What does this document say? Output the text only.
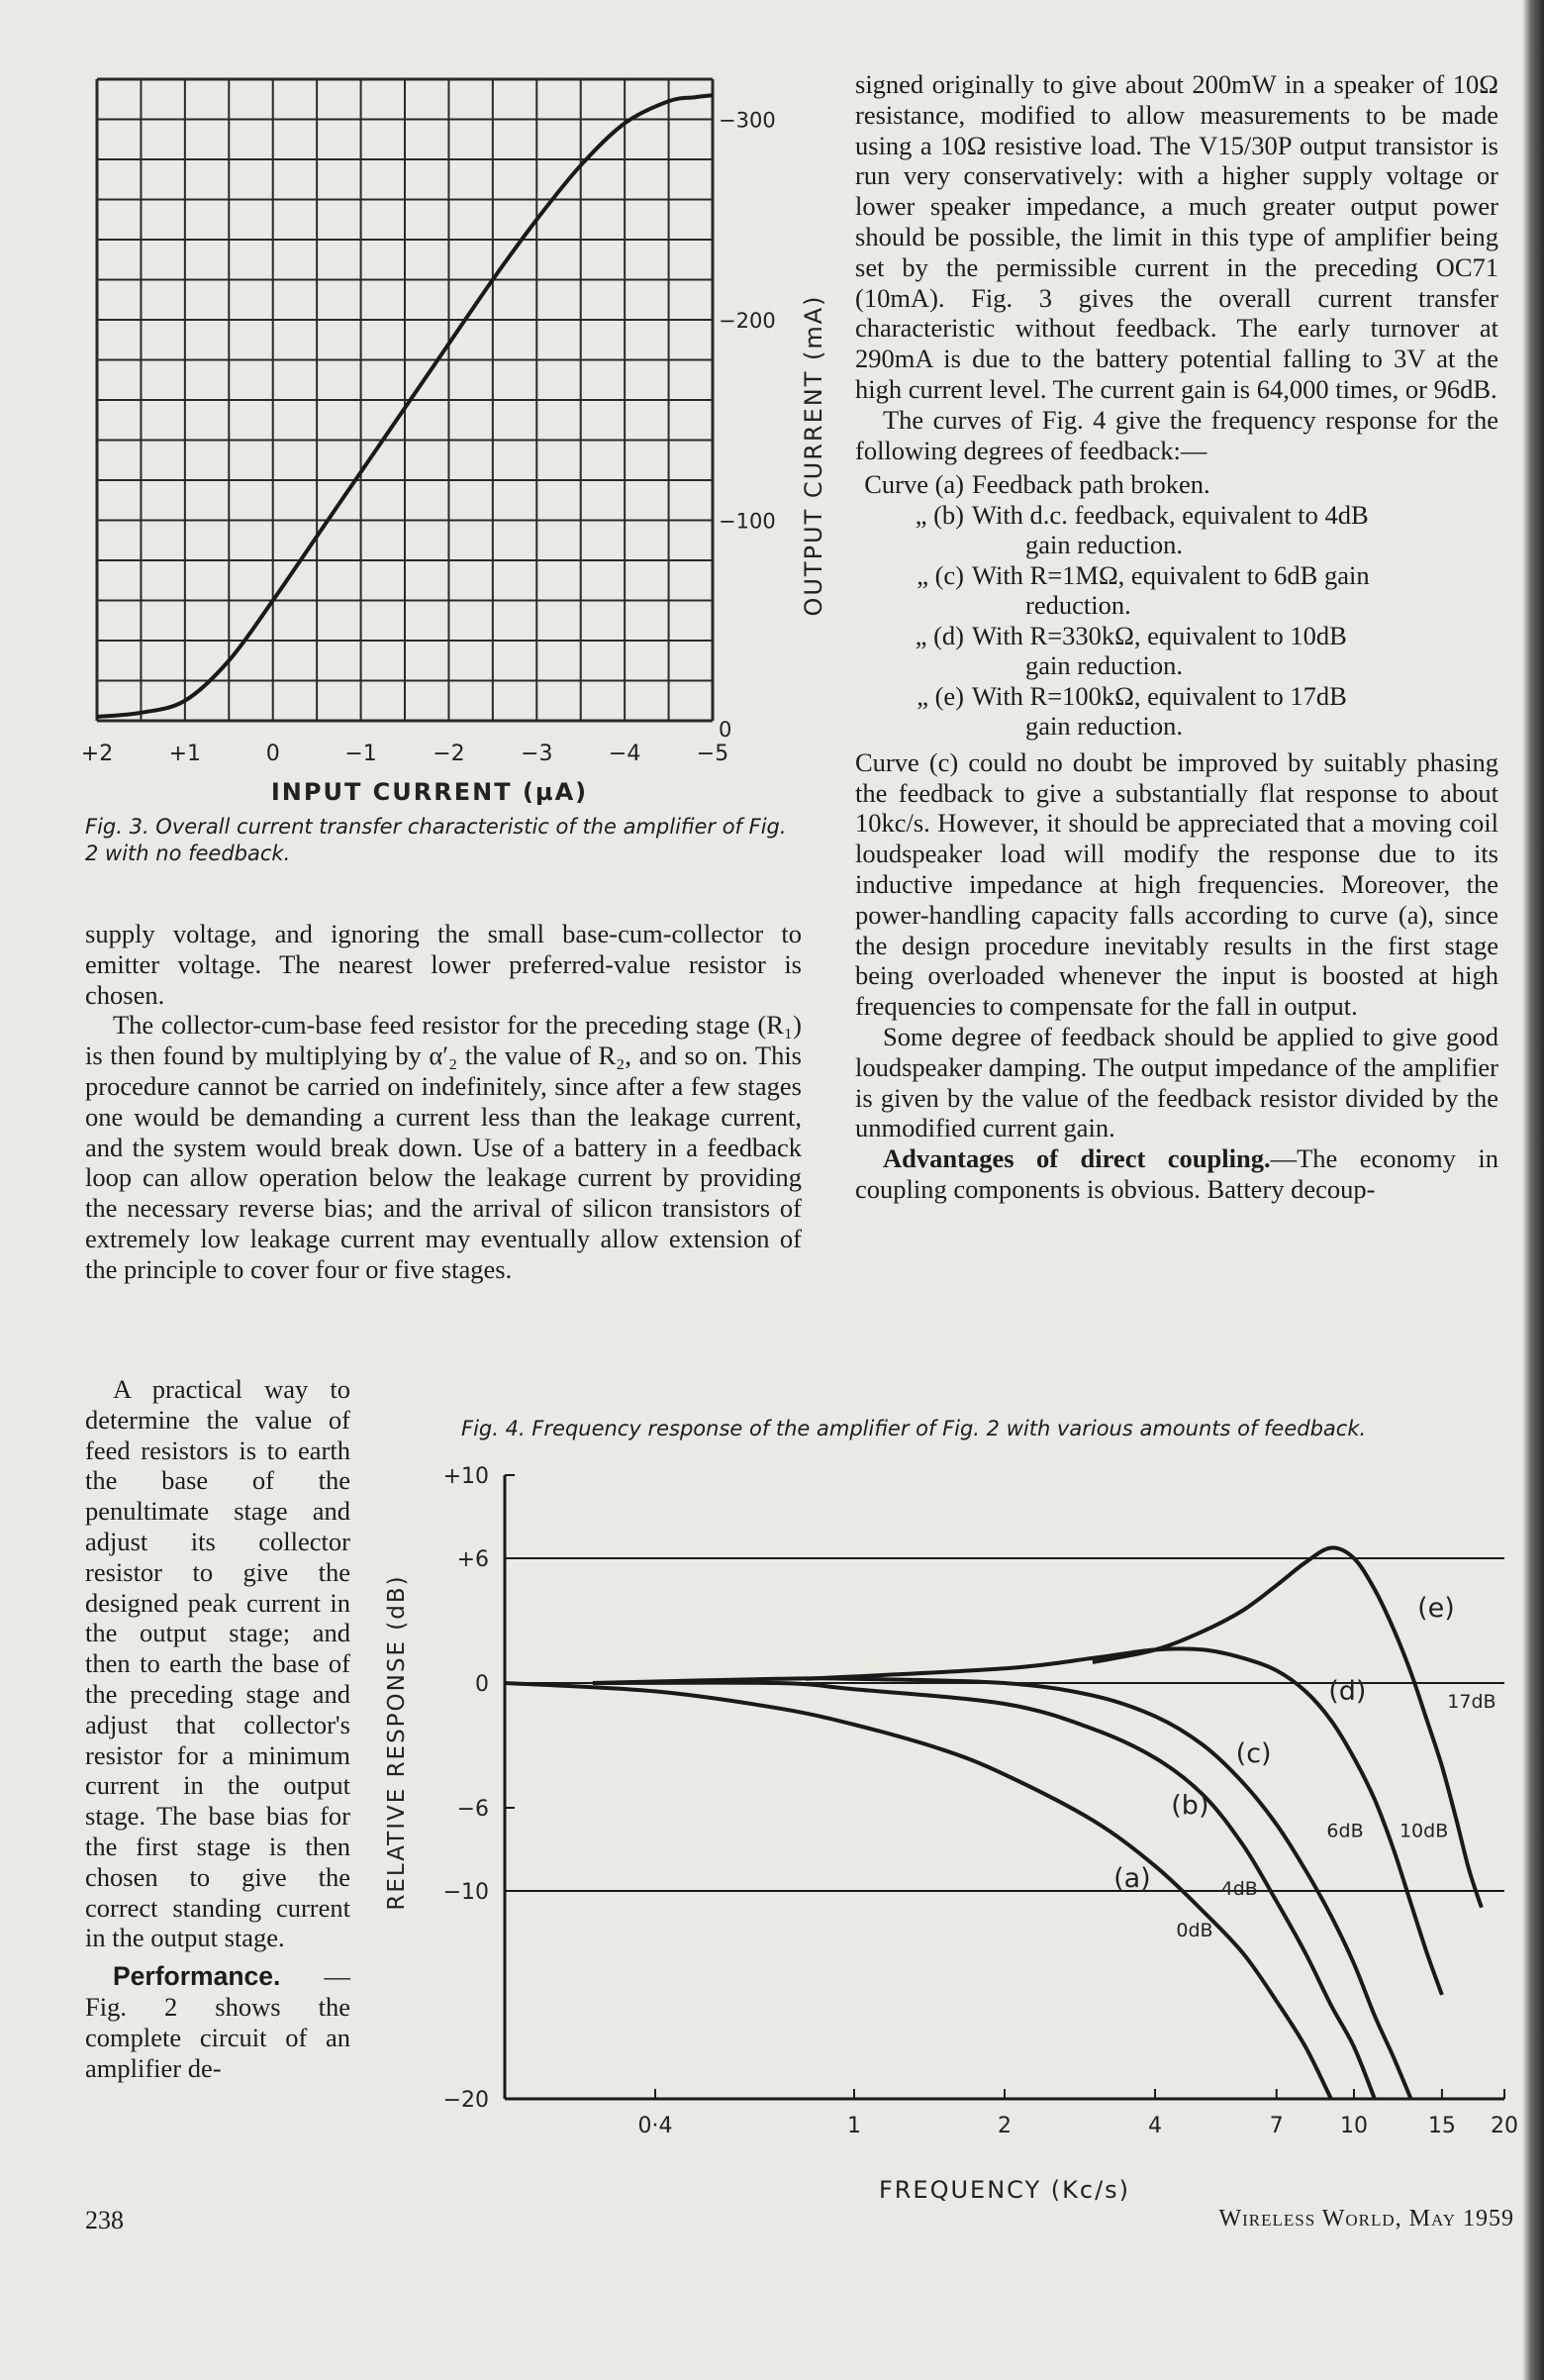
+2	+1	0	−1	−2	−3	−4	−5
−300
−200
−100
0
INPUT CURRENT (µA)
OUTPUT CURRENT (mA)
Fig. 3. Overall current transfer characteristic of the amplifier of Fig. 2 with no feedback.

supply voltage, and ignoring the small base-cum-collector to emitter voltage. The nearest lower preferred-value resistor is chosen.

The collector-cum-base feed resistor for the preceding stage (R₁) is then found by multiplying by α′₂ the value of R₂, and so on. This procedure cannot be carried on indefinitely, since after a few stages one would be demanding a current less than the leakage current, and the system would break down. Use of a battery in a feedback loop can allow operation below the leakage current by providing the necessary reverse bias; and the arrival of silicon transistors of extremely low leakage current may eventually allow extension of the principle to cover four or five stages.

A practical way to determine the value of feed resistors is to earth the base of the penultimate stage and adjust its collector resistor to give the designed peak current in the output stage; and then to earth the base of the preceding stage and adjust that collector's resistor for a minimum current in the output stage. The base bias for the first stage is then chosen to give the correct standing current in the output stage.

Performance. — Fig. 2 shows the complete circuit of an amplifier de-

signed originally to give about 200mW in a speaker of 10Ω resistance, modified to allow measurements to be made using a 10Ω resistive load. The V15/30P output transistor is run very conservatively: with a higher supply voltage or lower speaker impedance, a much greater output power should be possible, the limit in this type of amplifier being set by the permissible current in the preceding OC71 (10mA). Fig. 3 gives the overall current transfer characteristic without feedback. The early turnover at 290mA is due to the battery potential falling to 3V at the high current level. The current gain is 64,000 times, or 96dB.

The curves of Fig. 4 give the frequency response for the following degrees of feedback:—

Curve (a) Feedback path broken.
„ (b) With d.c. feedback, equivalent to 4dB
gain reduction.
„ (c) With R=1MΩ, equivalent to 6dB gain
reduction.
„ (d) With R=330kΩ, equivalent to 10dB
gain reduction.
„ (e) With R=100kΩ, equivalent to 17dB
gain reduction.

Curve (c) could no doubt be improved by suitably phasing the feedback to give a substantially flat response to about 10kc/s. However, it should be appreciated that a moving coil loudspeaker load will modify the response due to its inductive impedance at high frequencies. Moreover, the power-handling capacity falls according to curve (a), since the design procedure inevitably results in the first stage being overloaded whenever the input is boosted at high frequencies to compensate for the fall in output.

Some degree of feedback should be applied to give good loudspeaker damping. The output impedance of the amplifier is given by the value of the feedback resistor divided by the unmodified current gain.

Advantages of direct coupling.—The economy in coupling components is obvious. Battery decoup-

Fig. 4. Frequency response of the amplifier of Fig. 2 with various amounts of feedback.
0·4	1	2	4	7	10	15 20
+10
+6
0
−6
−10
−20
(a)
(b)
(c)
(d)
(e)
0dB
4dB
6dB 10dB
17dB
FREQUENCY (Kc/s)
RELATIVE RESPONSE (dB)
238	Wireless World, May 1959
